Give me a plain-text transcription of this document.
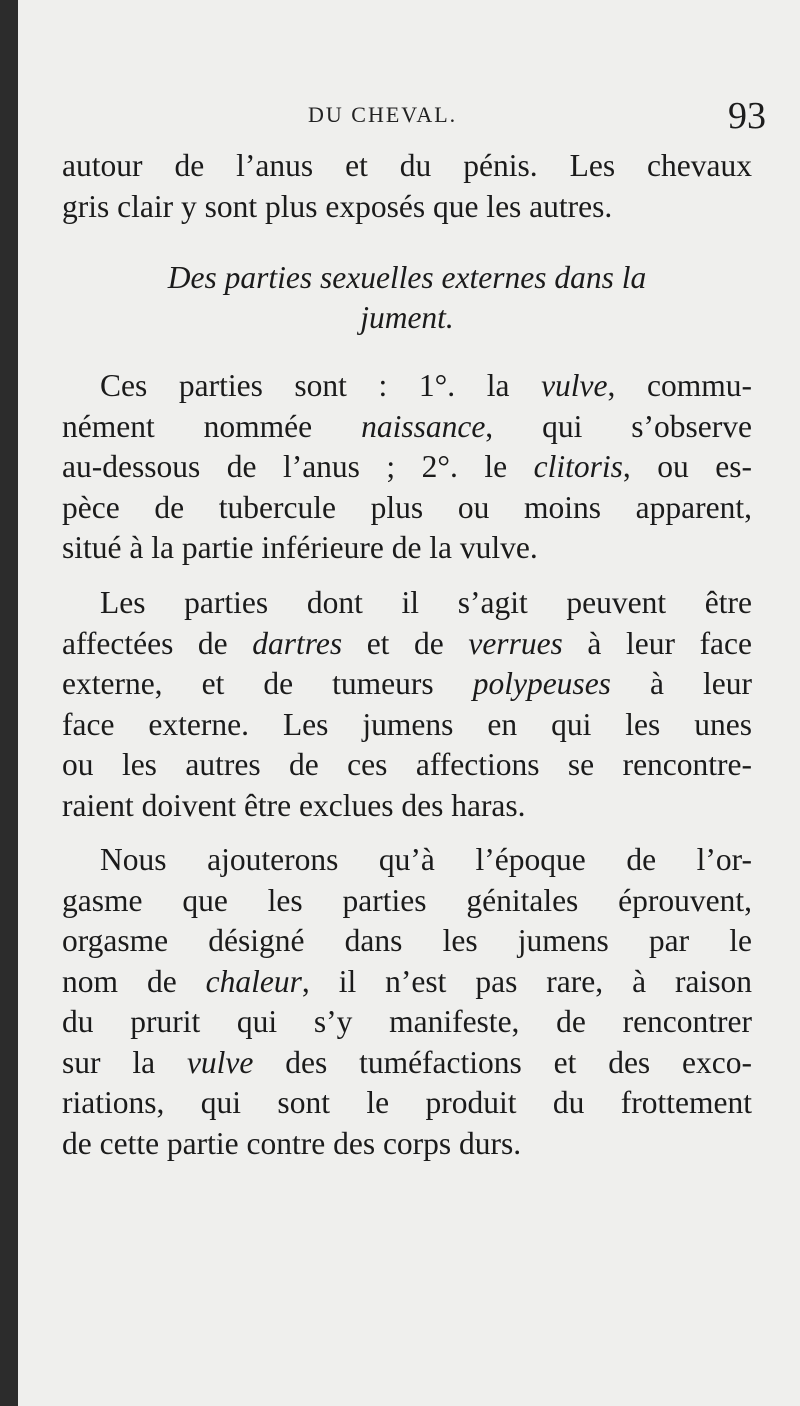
DU CHEVAL.	93
autour de l’anus et du pénis. Les chevaux
gris clair y sont plus exposés que les autres.
Des parties sexuelles externes dans la
jument.
Ces parties sont : 1°. la vulve, commu-
nément nommée naissance, qui s’observe
au-dessous de l’anus ; 2°. le clitoris, ou es-
pèce de tubercule plus ou moins apparent,
situé à la partie inférieure de la vulve.
Les parties dont il s’agit peuvent être
affectées de dartres et de verrues à leur face
externe, et de tumeurs polypeuses à leur
face externe. Les jumens en qui les unes
ou les autres de ces affections se rencontre-
raient doivent être exclues des haras.
Nous ajouterons qu’à l’époque de l’or-
gasme que les parties génitales éprouvent,
orgasme désigné dans les jumens par le
nom de chaleur, il n’est pas rare, à raison
du prurit qui s’y manifeste, de rencontrer
sur la vulve des tuméfactions et des exco-
riations, qui sont le produit du frottement
de cette partie contre des corps durs.
